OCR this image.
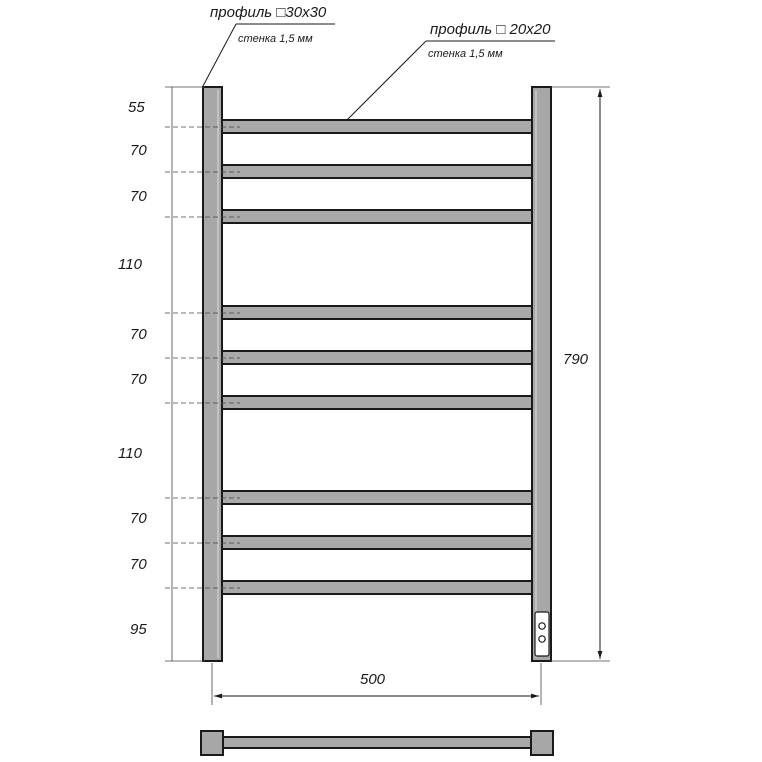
профиль □30x30
стенка 1,5 мм
профиль □ 20x20
стенка 1,5 мм
55
70
70
110
70
70
110
70
70
95
790
500
